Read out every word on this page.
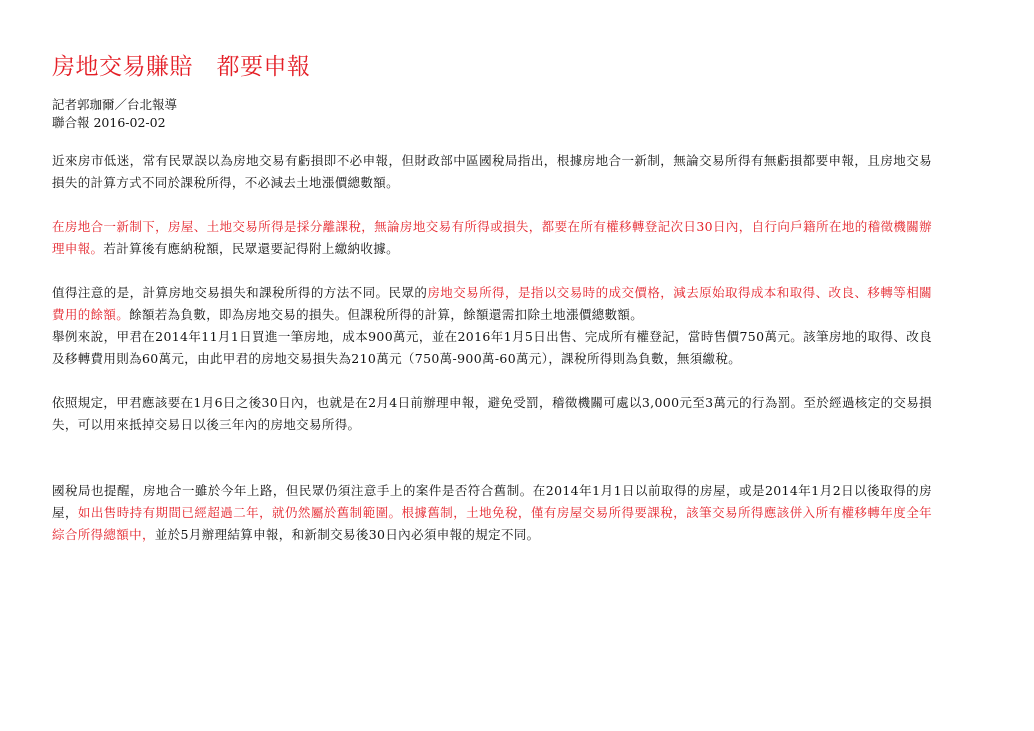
房地交易賺賠　都要申報

記者郭珈爾／台北報導

聯合報 2016-02-02

近來房市低迷，常有民眾誤以為房地交易有虧損即不必申報，但財政部中區國稅局指出，根據房地合一新制，無論交易所得有無虧損都要申報，且房地交易損失的計算方式不同於課稅所得，不必減去土地漲價總數額。

在房地合一新制下，房屋、土地交易所得是採分離課稅，無論房地交易有所得或損失，都要在所有權移轉登記次日30日內，自行向戶籍所在地的稽徵機關辦理申報。若計算後有應納稅額，民眾還要記得附上繳納收據。

值得注意的是，計算房地交易損失和課稅所得的方法不同。民眾的房地交易所得，是指以交易時的成交價格，減去原始取得成本和取得、改良、移轉等相關費用的餘額。餘額若為負數，即為房地交易的損失。但課稅所得的計算，餘額還需扣除土地漲價總數額。

舉例來說，甲君在2014年11月1日買進一筆房地，成本900萬元，並在2016年1月5日出售、完成所有權登記，當時售價750萬元。該筆房地的取得、改良及移轉費用則為60萬元，由此甲君的房地交易損失為210萬元（750萬-900萬-60萬元），課稅所得則為負數，無須繳稅。

依照規定，甲君應該要在1月6日之後30日內，也就是在2月4日前辦理申報，避免受罰，稽徵機關可處以3,000元至3萬元的行為罰。至於經過核定的交易損失，可以用來抵掉交易日以後三年內的房地交易所得。

國稅局也提醒，房地合一雖於今年上路，但民眾仍須注意手上的案件是否符合舊制。在2014年1月1日以前取得的房屋，或是2014年1月2日以後取得的房屋，如出售時持有期間已經超過二年，就仍然屬於舊制範圍。根據舊制，土地免稅，僅有房屋交易所得要課稅，該筆交易所得應該併入所有權移轉年度全年綜合所得總額中，並於5月辦理結算申報，和新制交易後30日內必須申報的規定不同。
